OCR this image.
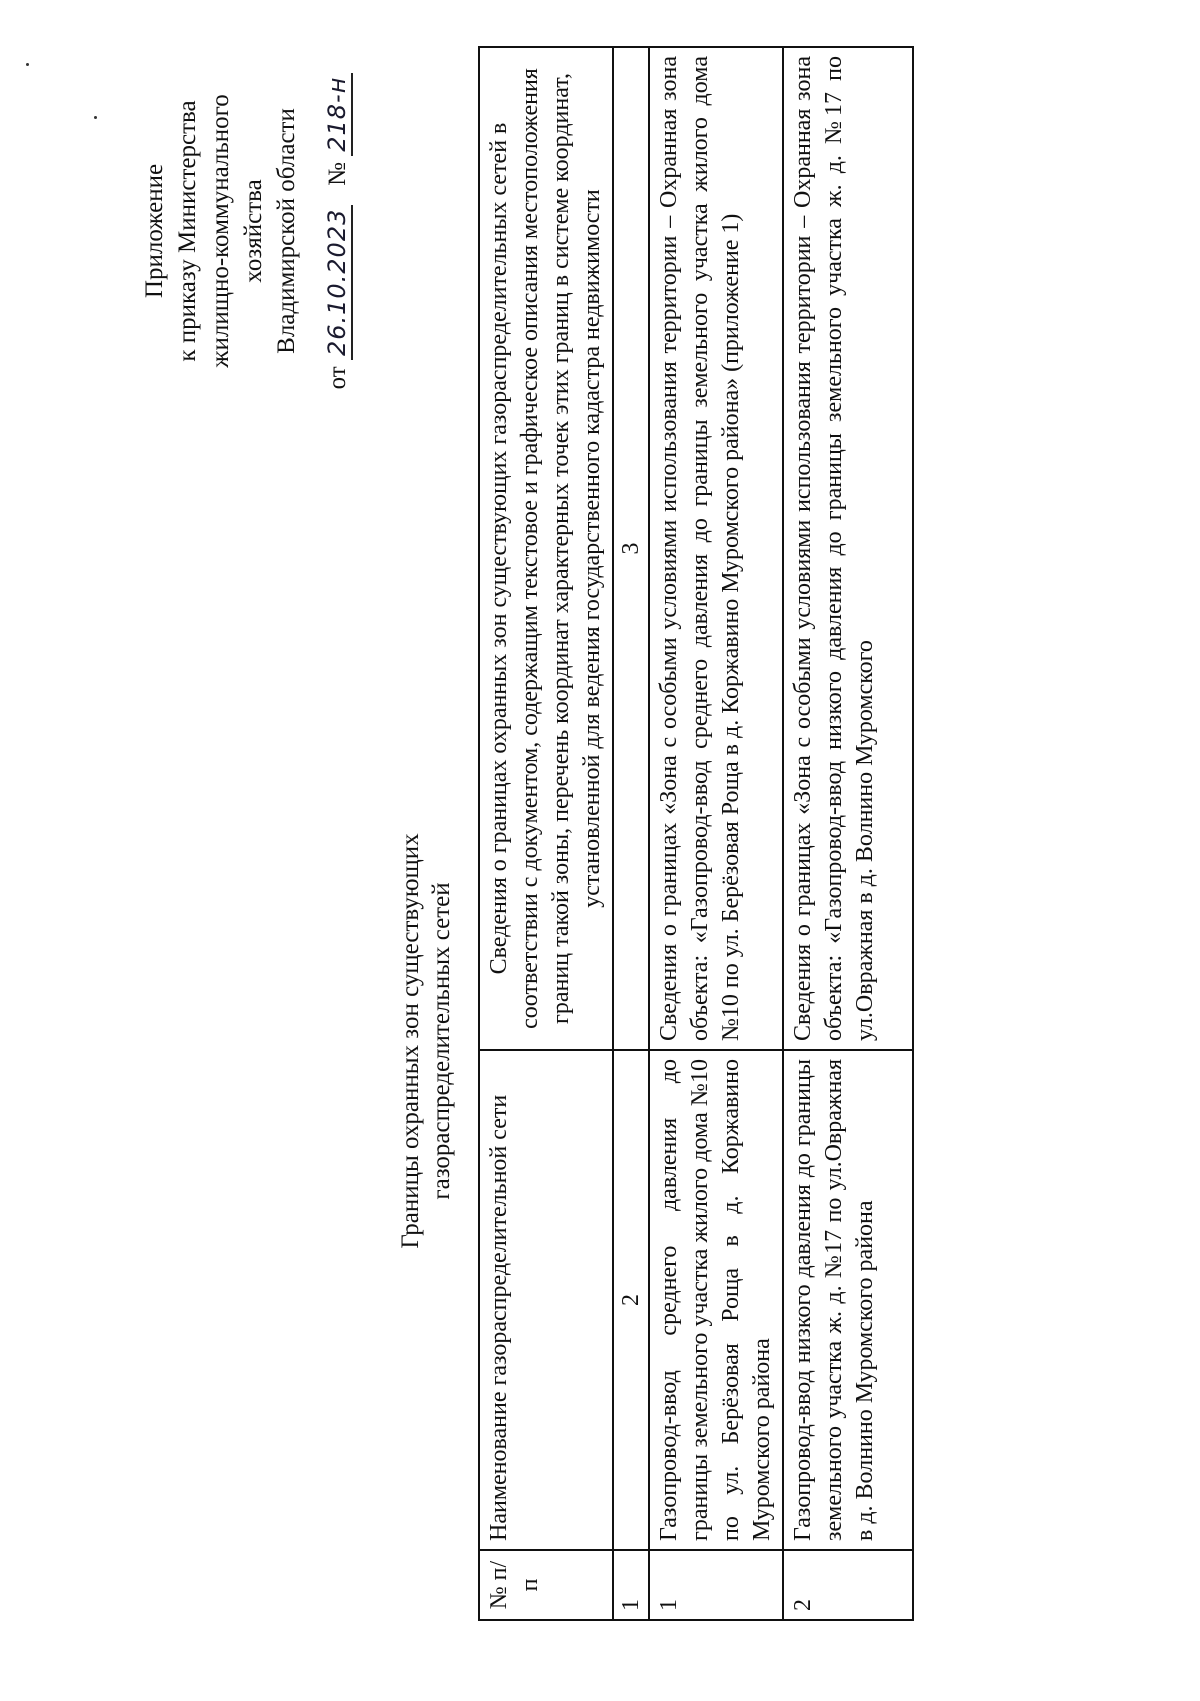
Приложение к приказу Министерства жилищно-коммунального хозяйства Владимирской области
от 26.10.2023   № 218-н
Границы охранных зон существующих газораспределительных сетей
№ п/п	Наименование газораспределительной сети	Сведения о границах охранных зон существующих газораспределительных сетей в соответствии с документом, содержащим текстовое и графическое описания местоположения границ такой зоны, перечень координат характерных точек этих границ в системе координат, установленной для ведения государственного кадастра недвижимости
1	2	3
1	Газопровод-ввод среднего давления до границы земельного участка жилого дома №10 по ул. Берёзовая Роща в д. Коржавино Муромского района	Сведения о границах «Зона с особыми условиями использования территории – Охранная зона объекта: «Газопровод-ввод среднего давления до границы земельного участка жилого дома №10 по ул. Берёзовая Роща в д. Коржавино Муромского района» (приложение 1)
2	Газопровод-ввод низкого давления до границы земельного участка ж. д. №17 по ул.Овражная в д. Волнино Муромского района	Сведения о границах «Зона с особыми условиями использования территории – Охранная зона объекта: «Газопровод-ввод низкого давления до границы земельного участка ж. д. №17 по ул.Овражная в д. Волнино Муромского
